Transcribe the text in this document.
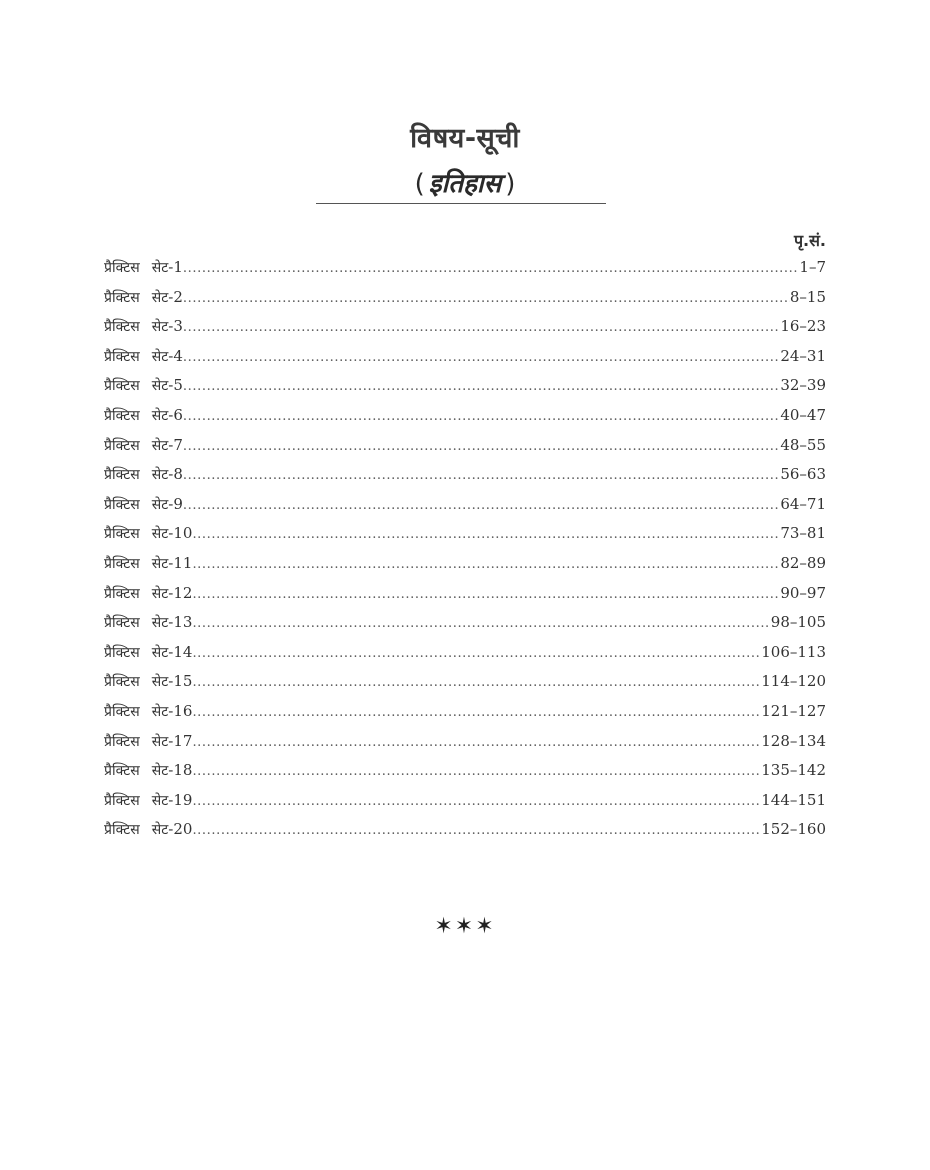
विषय-सूची
( इतिहास )
पृ.सं.
प्रैक्टिस सेट-1 .....	1–7
प्रैक्टिस सेट-2 .....	8–15
प्रैक्टिस सेट-3 .....	16–23
प्रैक्टिस सेट-4 .....	24–31
प्रैक्टिस सेट-5 .....	32–39
प्रैक्टिस सेट-6 .....	40–47
प्रैक्टिस सेट-7 .....	48–55
प्रैक्टिस सेट-8 .....	56–63
प्रैक्टिस सेट-9 .....	64–71
प्रैक्टिस सेट-10 .....	73–81
प्रैक्टिस सेट-11 .....	82–89
प्रैक्टिस सेट-12 .....	90–97
प्रैक्टिस सेट-13 .....	98–105
प्रैक्टिस सेट-14 .....	106–113
प्रैक्टिस सेट-15 .....	114–120
प्रैक्टिस सेट-16 .....	121–127
प्रैक्टिस सेट-17 .....	128–134
प्रैक्टिस सेट-18 .....	135–142
प्रैक्टिस सेट-19 .....	144–151
प्रैक्टिस सेट-20 .....	152–160
✶✶✶
